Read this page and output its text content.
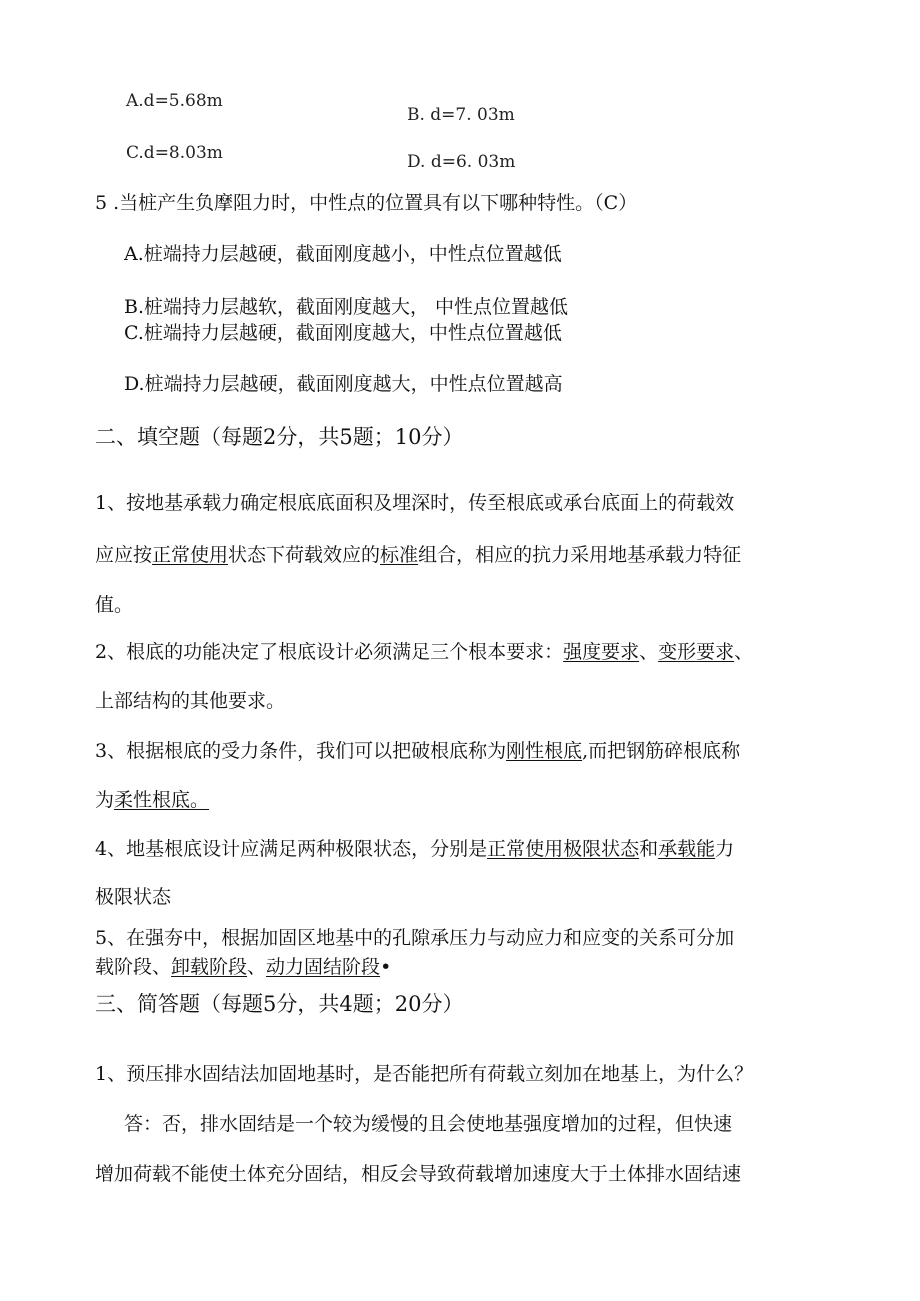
A.d=5.68m
B. d=7. 03m
C.d=8.03m	D. d=6. 03m
5 .当桩产生负摩阻力时，中性点的位置具有以下哪种特性。（C）
A.桩端持力层越硬，截面刚度越小，中性点位置越低
B.桩端持力层越软，截面刚度越大， 中性点位置越低
C.桩端持力层越硬，截面刚度越大，中性点位置越低
D.桩端持力层越硬，截面刚度越大，中性点位置越高
二、填空题（每题2分，共5题；10分）
1、按地基承载力确定根底底面积及埋深时，传至根底或承台底面上的荷载效
应应按正常使用状态下荷载效应的标准组合，相应的抗力采用地基承载力特征
值。
2、根底的功能决定了根底设计必须满足三个根本要求：强度要求、变形要求、
上部结构的其他要求。
3、根据根底的受力条件，我们可以把破根底称为刚性根底,而把钢筋碎根底称
为柔性根底。
4、地基根底设计应满足两种极限状态，分别是正常使用极限状态和承载能力
极限状态
5、在强夯中，根据加固区地基中的孔隙承压力与动应力和应变的关系可分加
载阶段、卸载阶段、动力固结阶段•
三、简答题（每题5分，共4题；20分）
1、预压排水固结法加固地基时，是否能把所有荷载立刻加在地基上，为什么？
答：否，排水固结是一个较为缓慢的且会使地基强度增加的过程，但快速
增加荷载不能使土体充分固结，相反会导致荷载增加速度大于土体排水固结速
